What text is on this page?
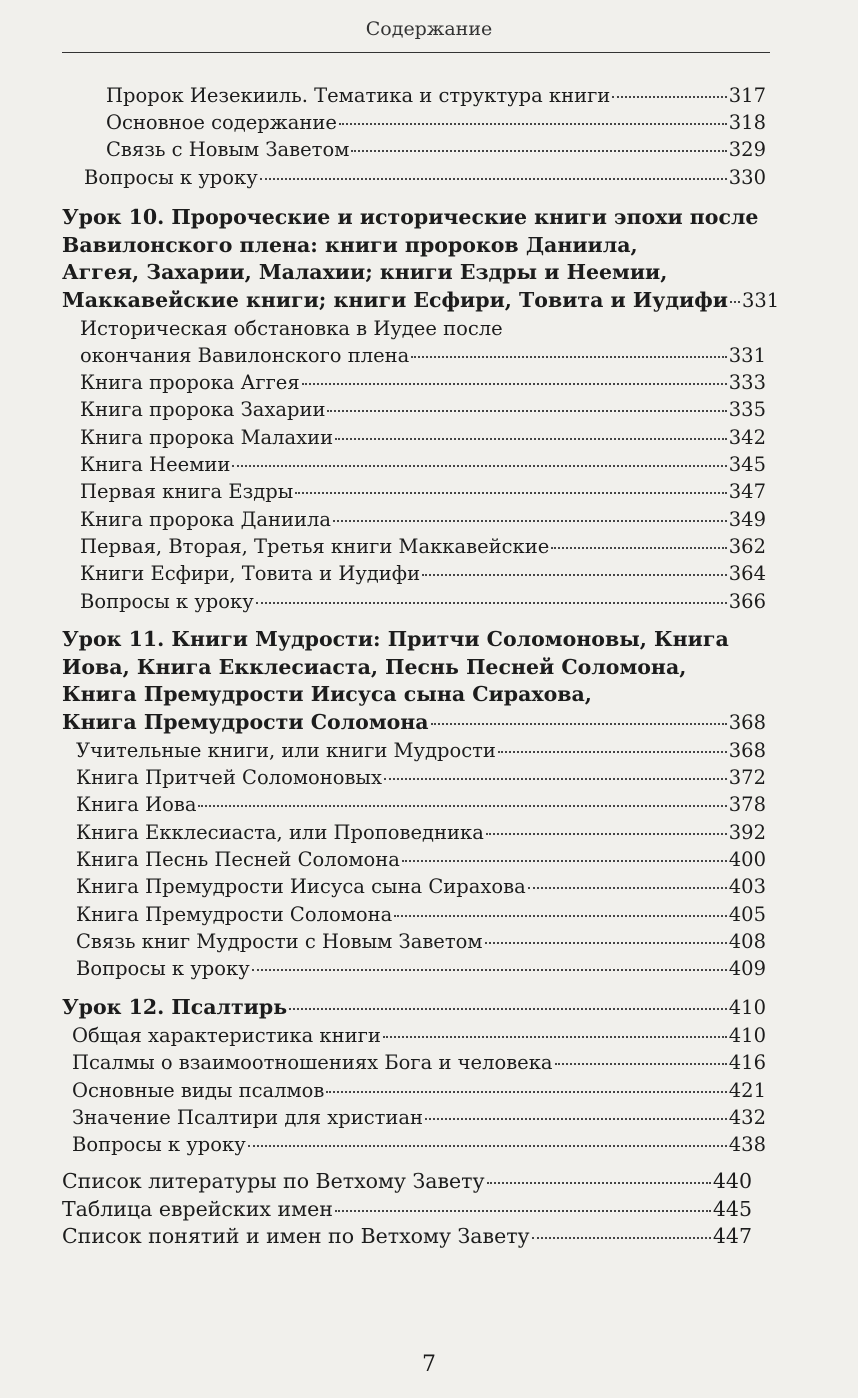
Содержание
Пророк Иезекииль. Тематика и структура книги	317
Основное содержание	318
Связь с Новым Заветом	329
Вопросы к уроку	330
Урок 10. Пророческие и исторические книги эпохи после
Вавилонского плена: книги пророков Даниила,
Аггея, Захарии, Малахии; книги Ездры и Неемии,
Маккавейские книги; книги Есфири, Товита и Иудифи 331
Историческая обстановка в Иудее после
окончания Вавилонского плена	331
Книга пророка Аггея	333
Книга пророка Захарии	335
Книга пророка Малахии	342
Книга Неемии	345
Первая книга Ездры	347
Книга пророка Даниила	349
Первая, Вторая, Третья книги Маккавейские	362
Книги Есфири, Товита и Иудифи	364
Вопросы к уроку	366
Урок 11. Книги Мудрости: Притчи Соломоновы, Книга
Иова, Книга Екклесиаста, Песнь Песней Соломона,
Книга Премудрости Иисуса сына Сирахова,
Книга Премудрости Соломона	368
Учительные книги, или книги Мудрости	368
Книга Притчей Соломоновых	372
Книга Иова	378
Книга Екклесиаста, или Проповедника	392
Книга Песнь Песней Соломона	400
Книга Премудрости Иисуса сына Сирахова	403
Книга Премудрости Соломона	405
Связь книг Мудрости с Новым Заветом	408
Вопросы к уроку	409
Урок 12. Псалтирь	410
Общая характеристика книги	410
Псалмы о взаимоотношениях Бога и человека	416
Основные виды псалмов	421
Значение Псалтири для христиан	432
Вопросы к уроку	438
Список литературы по Ветхому Завету	440
Таблица еврейских имен	445
Список понятий и имен по Ветхому Завету	447
7
